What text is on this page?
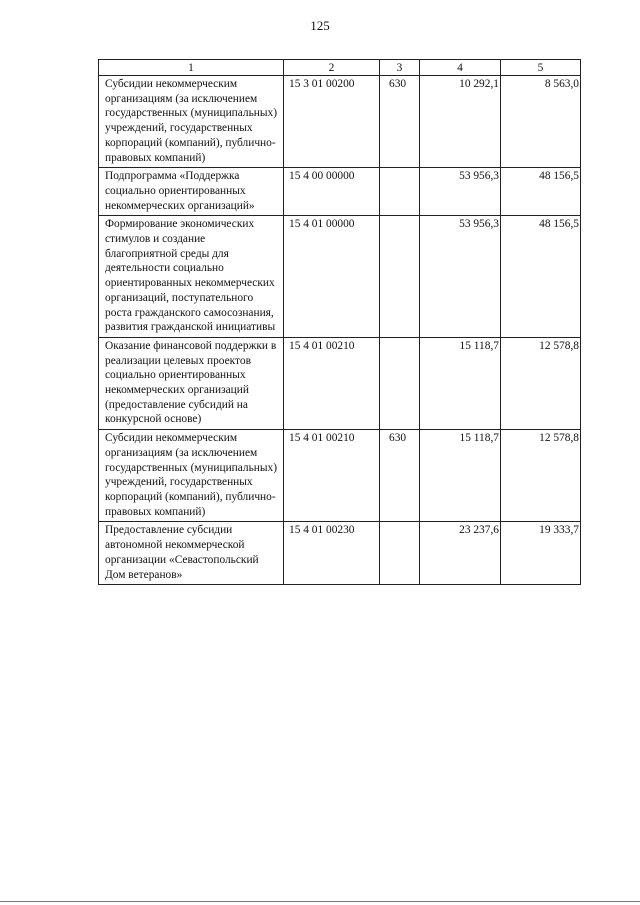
125
1	2	3	4	5
Субсидии некоммерческим организациям (за исключением государственных (муниципальных) учреждений, государственных корпораций (компаний), публично-правовых компаний)	15 3 01 00200	630	10 292,1	8 563,0
Подпрограмма «Поддержка социально ориентированных некоммерческих организаций»	15 4 00 00000		53 956,3	48 156,5
Формирование экономических стимулов и создание благоприятной среды для деятельности социально ориентированных некоммерческих организаций, поступательного роста гражданского самосознания, развития гражданской инициативы	15 4 01 00000		53 956,3	48 156,5
Оказание финансовой поддержки в реализации целевых проектов социально ориентированных некоммерческих организаций (предоставление субсидий на конкурсной основе)	15 4 01 00210		15 118,7	12 578,8
Субсидии некоммерческим организациям (за исключением государственных (муниципальных) учреждений, государственных корпораций (компаний), публично-правовых компаний)	15 4 01 00210	630	15 118,7	12 578,8
Предоставление субсидии автономной некоммерческой организации «Севастопольский Дом ветеранов»	15 4 01 00230		23 237,6	19 333,7
